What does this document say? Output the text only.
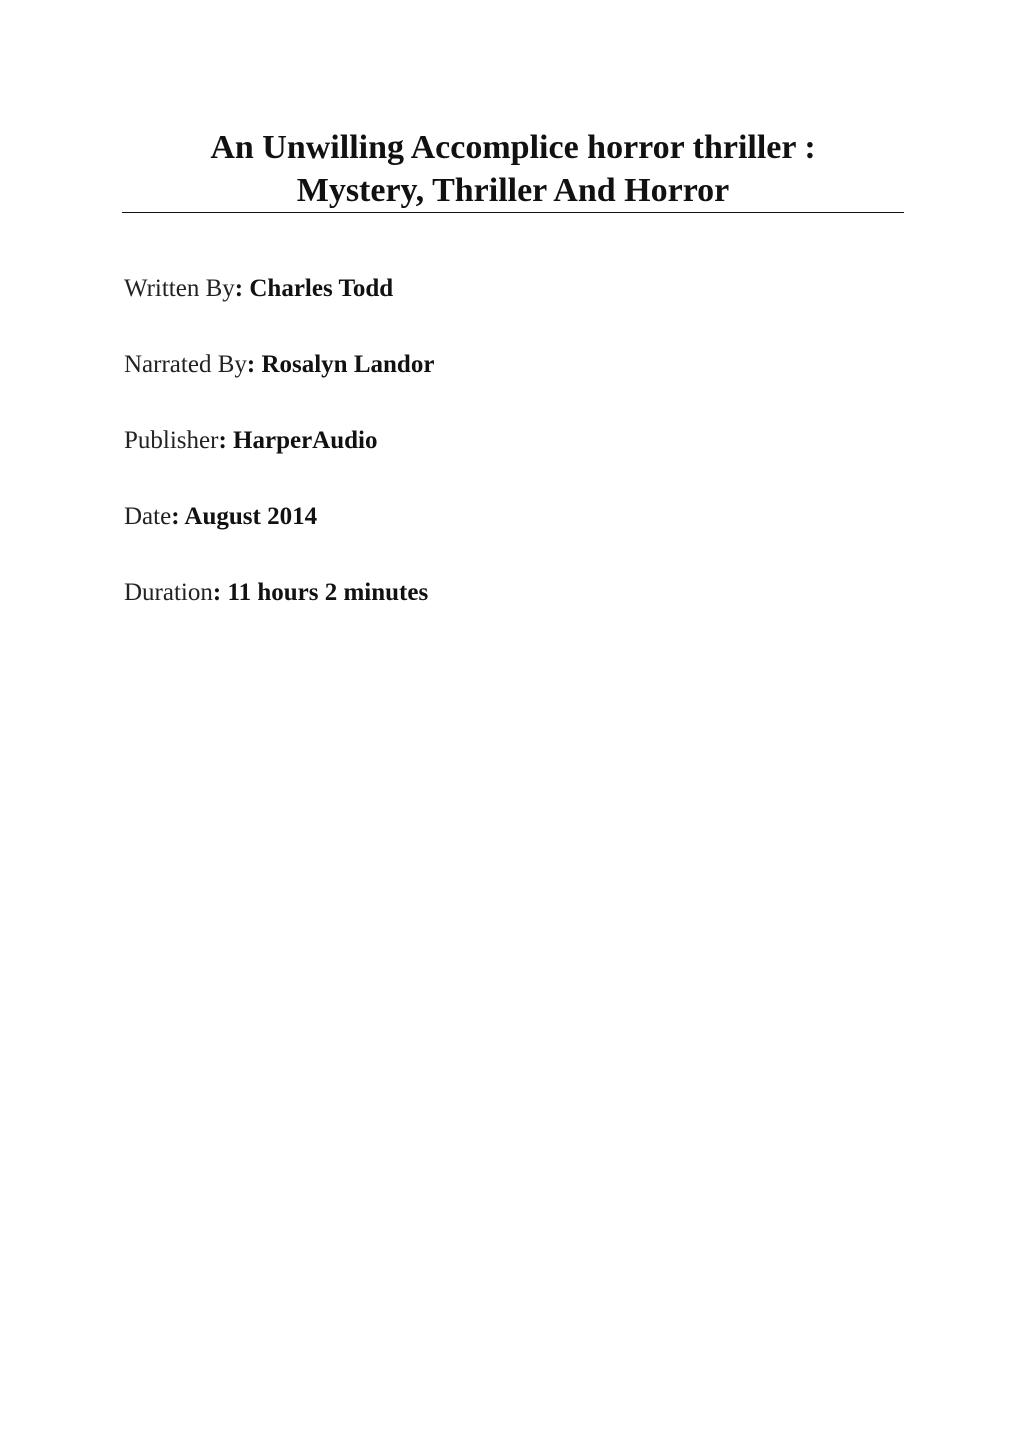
An Unwilling Accomplice horror thriller :
Mystery, Thriller And Horror
Written By: Charles Todd
Narrated By: Rosalyn Landor
Publisher: HarperAudio
Date: August 2014
Duration: 11 hours 2 minutes
